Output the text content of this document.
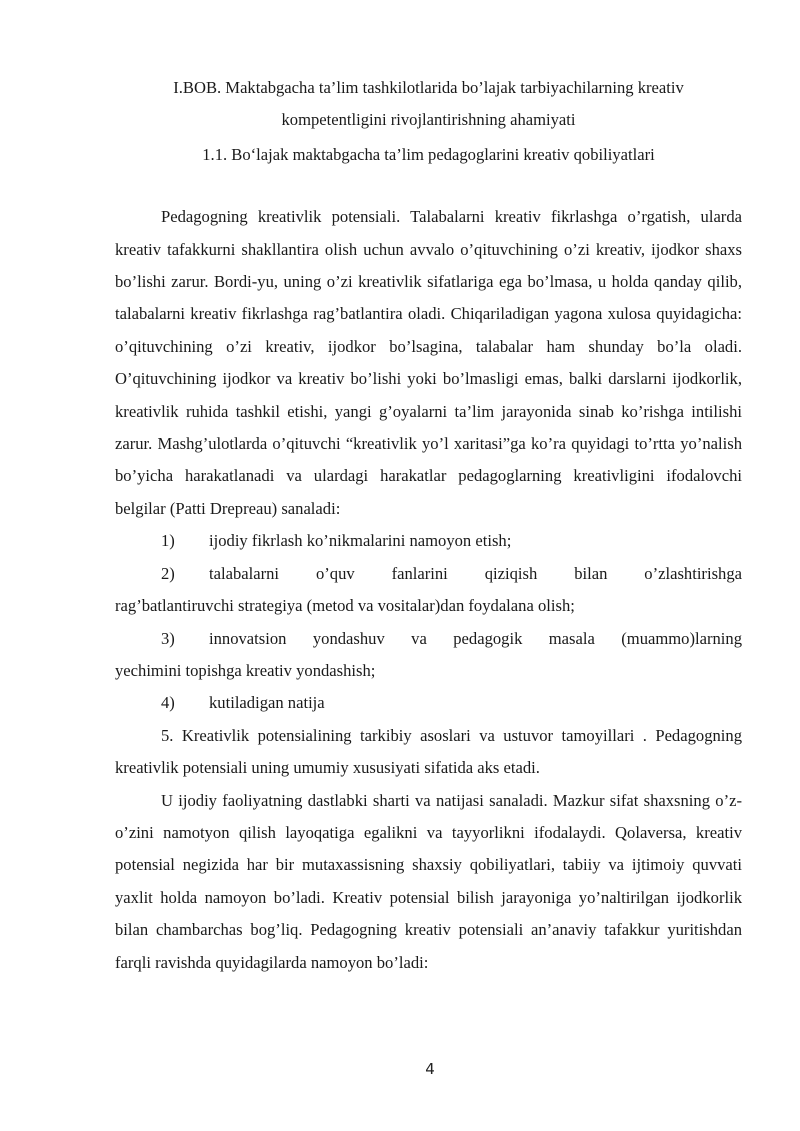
I.BOB. Maktabgacha ta’lim tashkilotlarida bo’lajak tarbiyachilarning kreativ
kompetentligini rivojlantirishning ahamiyati
1.1. Bo‘lajak maktabgacha ta’lim pedagoglarini kreativ qobiliyatlari

Pedagogning kreativlik potensiali. Talabalarni kreativ fikrlashga o’rgatish, ularda kreativ tafakkurni shakllantira olish uchun avvalo o’qituvchining o’zi kreativ, ijodkor shaxs bo’lishi zarur. Bordi-yu, uning o’zi kreativlik sifatlariga ega bo’lmasa, u holda qanday qilib, talabalarni kreativ fikrlashga rag’batlantira oladi. Chiqariladigan yagona xulosa quyidagicha: o’qituvchining o’zi kreativ, ijodkor bo’lsagina, talabalar ham shunday bo’la oladi. O’qituvchining ijodkor va kreativ bo’lishi yoki bo’lmasligi emas, balki darslarni ijodkorlik, kreativlik ruhida tashkil etishi, yangi g’oyalarni ta’lim jarayonida sinab ko’rishga intilishi zarur. Mashg’ulotlarda o’qituvchi “kreativlik yo’l xaritasi”ga ko’ra quyidagi to’rtta yo’nalish bo’yicha harakatlanadi va ulardagi harakatlar pedagoglarning kreativligini ifodalovchi belgilar (Patti Drepreau) sanaladi:

1)	ijodiy fikrlash ko’nikmalarini namoyon etish;
2)	talabalarni o’quv fanlarini qiziqish bilan o’zlashtirishga

rag’batlantiruvchi strategiya (metod va vositalar)dan foydalana olish;

3)	innovatsion yondashuv va pedagogik masala (muammo)larning

yechimini topishga kreativ yondashish;

4)	kutiladigan natija

5. Kreativlik potensialining tarkibiy asoslari va ustuvor tamoyillari . Pedagogning kreativlik potensiali uning umumiy xususiyati sifatida aks etadi.

U ijodiy faoliyatning dastlabki sharti va natijasi sanaladi. Mazkur sifat shaxsning o’z- o’zini namotyon qilish layoqatiga egalikni va tayyorlikni ifodalaydi. Qolaversa, kreativ potensial negizida har bir mutaxassisning shaxsiy qobiliyatlari, tabiiy va ijtimoiy quvvati yaxlit holda namoyon bo’ladi. Kreativ potensial bilish jarayoniga yo’naltirilgan ijodkorlik bilan chambarchas bog’liq. Pedagogning kreativ potensiali an’anaviy tafakkur yuritishdan farqli ravishda quyidagilarda namoyon bo’ladi:

4
